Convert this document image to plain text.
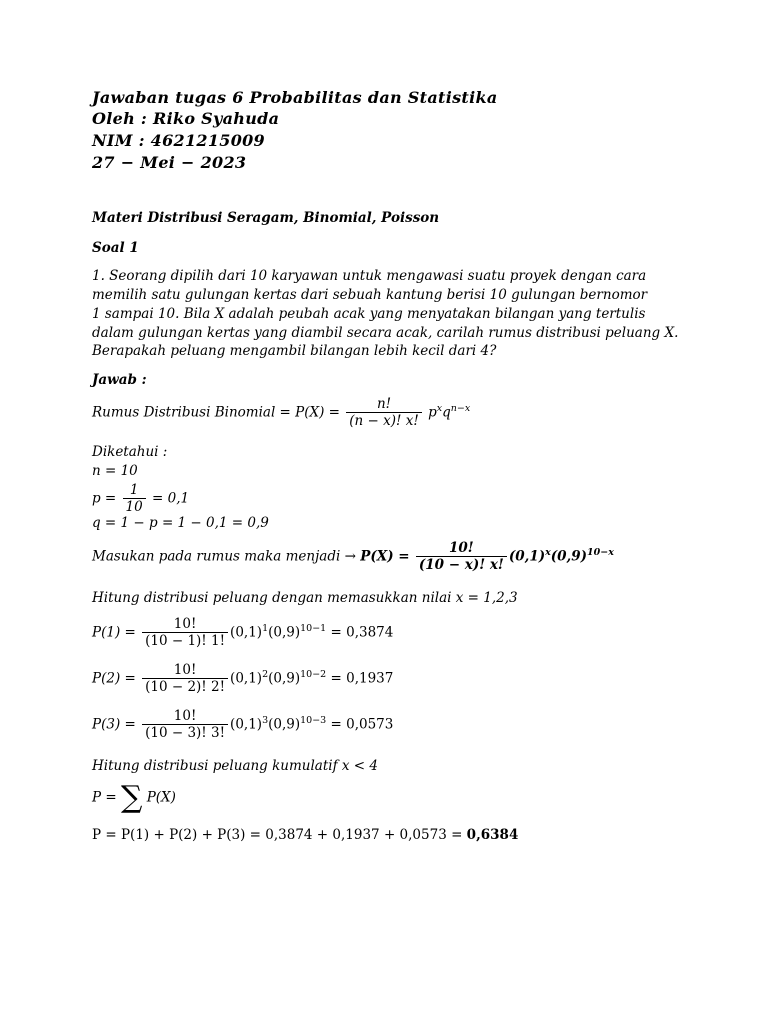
Jawaban tugas 6 Probabilitas dan Statistika
Oleh : Riko Syahuda
NIM : 4621215009
27 − Mei − 2023
Materi Distribusi Seragam, Binomial, Poisson
Soal 1
1. Seorang dipilih dari 10 karyawan untuk mengawasi suatu proyek dengan cara
memilih satu gulungan kertas dari sebuah kantung berisi 10 gulungan bernomor
1 sampai 10. Bila X adalah peubah acak yang menyatakan bilangan yang tertulis
dalam gulungan kertas yang diambil secara acak, carilah rumus distribusi peluang X.
Berapakah peluang mengambil bilangan lebih kecil dari 4?
Jawab :
Rumus Distribusi Binomial = $P(X) = \frac{n!}{(n - x)! x!} p^xq^{n-x}$
Diketahui :
n = 10
$p = \frac{1}{10} = 0,1$
q = 1 − p = 1 − 0,1 = 0,9
Masukan pada rumus maka menjadi → $P(X) = \frac{10!}{(10 - x)! x!} (0,1)^x(0,9)^{10-x}$
Hitung distribusi peluang dengan memasukkan nilai x = 1,2,3
$P(1) = \frac{10!}{(10 - 1)! 1!} (0,1)^1(0,9)^{10-1} = 0,3874$
$P(2) = \frac{10!}{(10 - 2)! 2!} (0,1)^2(0,9)^{10-2} = 0,1937$
$P(3) = \frac{10!}{(10 - 3)! 3!} (0,1)^3(0,9)^{10-3} = 0,0573$
Hitung distribusi peluang kumulatif x < 4
P = ∑ P(X)
P = P(1) + P(2) + P(3) = 0,3874 + 0,1937 + 0,0573 = 0,6384
